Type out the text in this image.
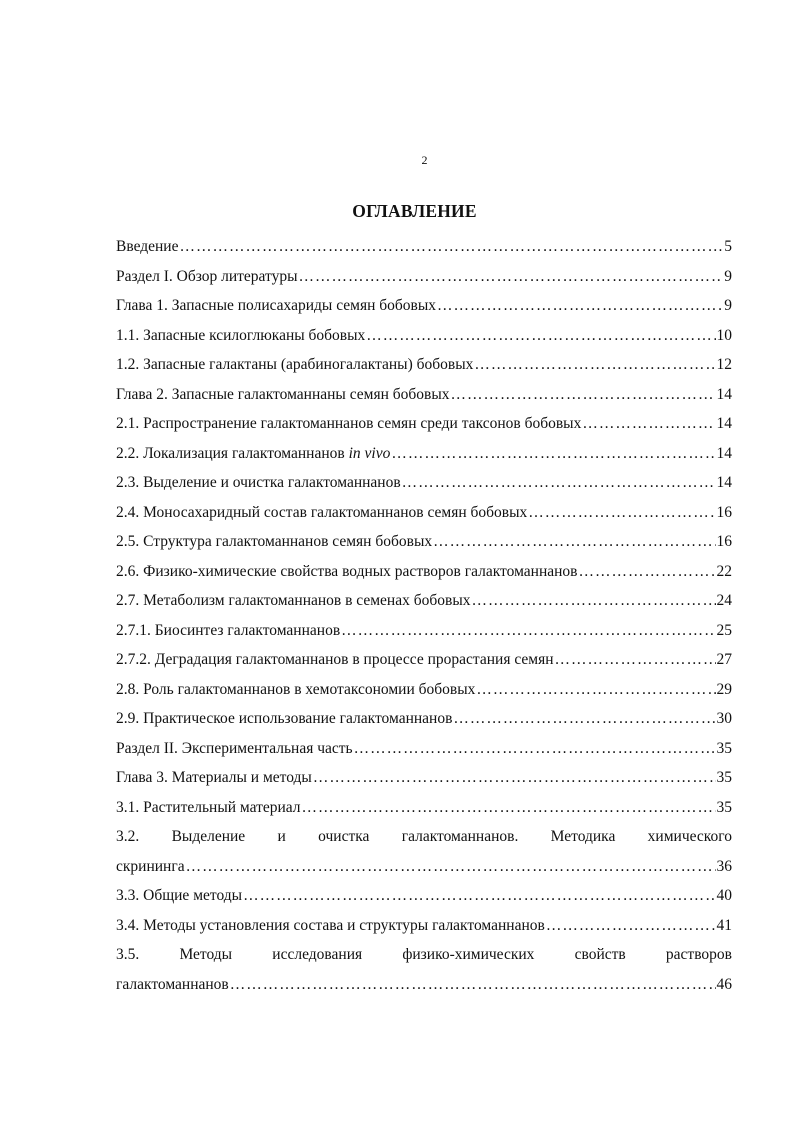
2
ОГЛАВЛЕНИЕ
Введение ……………………………………………………………………………………………………………………………………………………………………………………………………………	5
Раздел I. Обзор литературы ……………………………………………………………………………………………………………………………………………………………………………………………………………	9
Глава 1. Запасные полисахариды семян бобовых ……………………………………………………………………………………………………………………………………………………………………………………………………………	9
1.1. Запасные ксилоглюканы бобовых ……………………………………………………………………………………………………………………………………………………………………………………………………………	10
1.2. Запасные галактаны (арабиногалактаны) бобовых ……………………………………………………………………………………………………………………………………………………………………………………………………………	12
Глава 2. Запасные галактоманнаны семян бобовых ……………………………………………………………………………………………………………………………………………………………………………………………………………	14
2.1. Распространение галактоманнанов семян среди таксонов бобовых ……………………………………………………………………………………………………………………………………………………………………………………………………………	14
2.2. Локализация галактоманнанов in vivo ……………………………………………………………………………………………………………………………………………………………………………………………………………	14
2.3. Выделение и очистка галактоманнанов ……………………………………………………………………………………………………………………………………………………………………………………………………………	14
2.4. Моносахаридный состав галактоманнанов семян бобовых ……………………………………………………………………………………………………………………………………………………………………………………………………………	16
2.5. Структура галактоманнанов семян бобовых ……………………………………………………………………………………………………………………………………………………………………………………………………………	16
2.6. Физико-химические свойства водных растворов галактоманнанов ……………………………………………………………………………………………………………………………………………………………………………………………………………	22
2.7. Метаболизм галактоманнанов в семенах бобовых ……………………………………………………………………………………………………………………………………………………………………………………………………………	24
2.7.1. Биосинтез галактоманнанов ……………………………………………………………………………………………………………………………………………………………………………………………………………	25
2.7.2. Деградация галактоманнанов в процессе прорастания семян ……………………………………………………………………………………………………………………………………………………………………………………………………………	27
2.8. Роль галактоманнанов в хемотаксономии бобовых ……………………………………………………………………………………………………………………………………………………………………………………………………………	29
2.9. Практическое использование галактоманнанов ……………………………………………………………………………………………………………………………………………………………………………………………………………	30
Раздел II. Экспериментальная часть ……………………………………………………………………………………………………………………………………………………………………………………………………………	35
Глава 3. Материалы и методы ……………………………………………………………………………………………………………………………………………………………………………………………………………	35
3.1. Растительный материал ……………………………………………………………………………………………………………………………………………………………………………………………………………	35
3.2. Выделение и очистка галактоманнанов. Методика химического
скрининга ……………………………………………………………………………………………………………………………………………………………………………………………………………	36
3.3. Общие методы ……………………………………………………………………………………………………………………………………………………………………………………………………………	40
3.4. Методы установления состава и структуры галактоманнанов ……………………………………………………………………………………………………………………………………………………………………………………………………………	41
3.5. Методы исследования физико-химических свойств растворов
галактоманнанов ……………………………………………………………………………………………………………………………………………………………………………………………………………	46
